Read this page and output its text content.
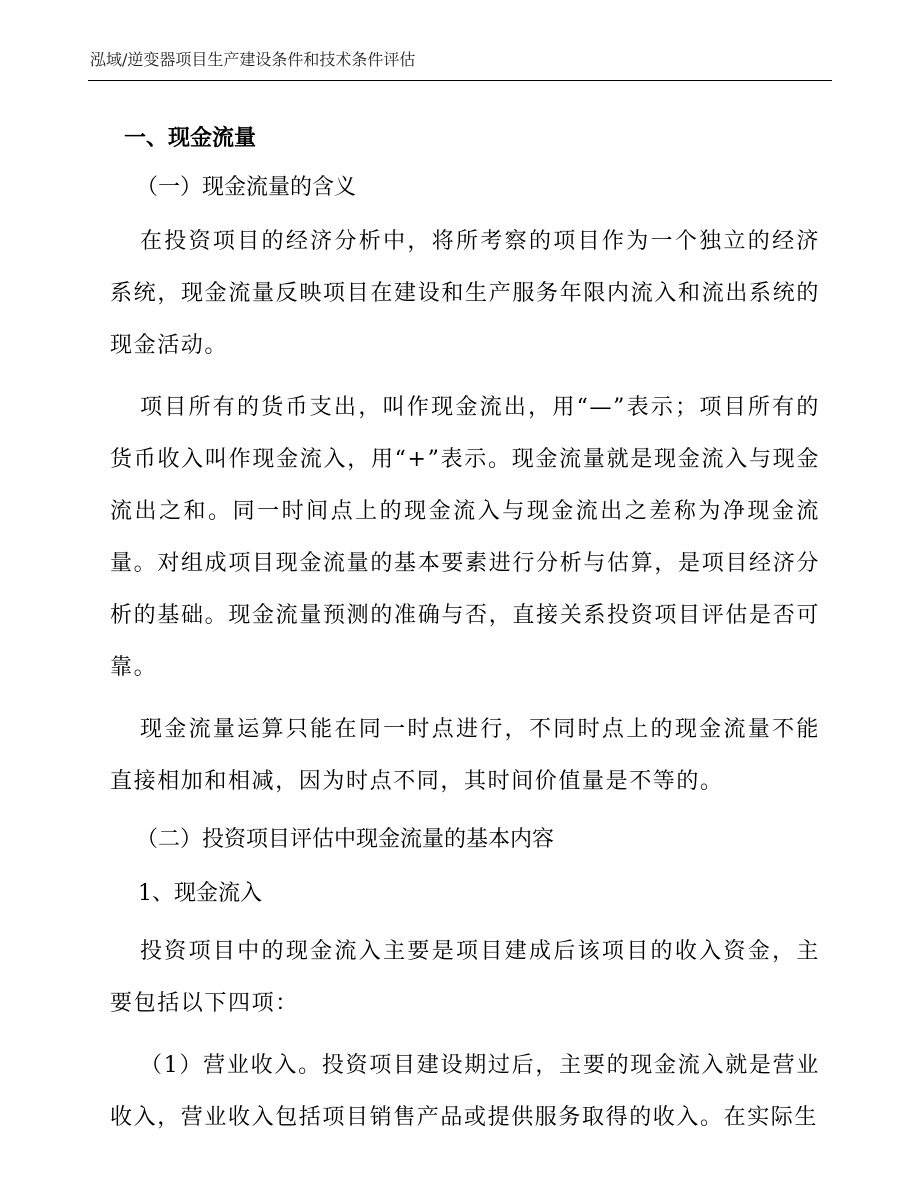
泓域/逆变器项目生产建设条件和技术条件评估
一、现金流量
（一）现金流量的含义

在投资项目的经济分析中，将所考察的项目作为一个独立的经济系统，现金流量反映项目在建设和生产服务年限内流入和流出系统的现金活动。

项目所有的货币支出，叫作现金流出，用“—”表示；项目所有的货币收入叫作现金流入，用“+”表示。现金流量就是现金流入与现金流出之和。同一时间点上的现金流入与现金流出之差称为净现金流量。对组成项目现金流量的基本要素进行分析与估算，是项目经济分析的基础。现金流量预测的准确与否，直接关系投资项目评估是否可靠。

现金流量运算只能在同一时点进行，不同时点上的现金流量不能直接相加和相减，因为时点不同，其时间价值量是不等的。

（二）投资项目评估中现金流量的基本内容
1、现金流入

投资项目中的现金流入主要是项目建成后该项目的收入资金，主要包括以下四项：

（1）营业收入。投资项目建设期过后，主要的现金流入就是营业收入，营业收入包括项目销售产品或提供服务取得的收入。在实际生
